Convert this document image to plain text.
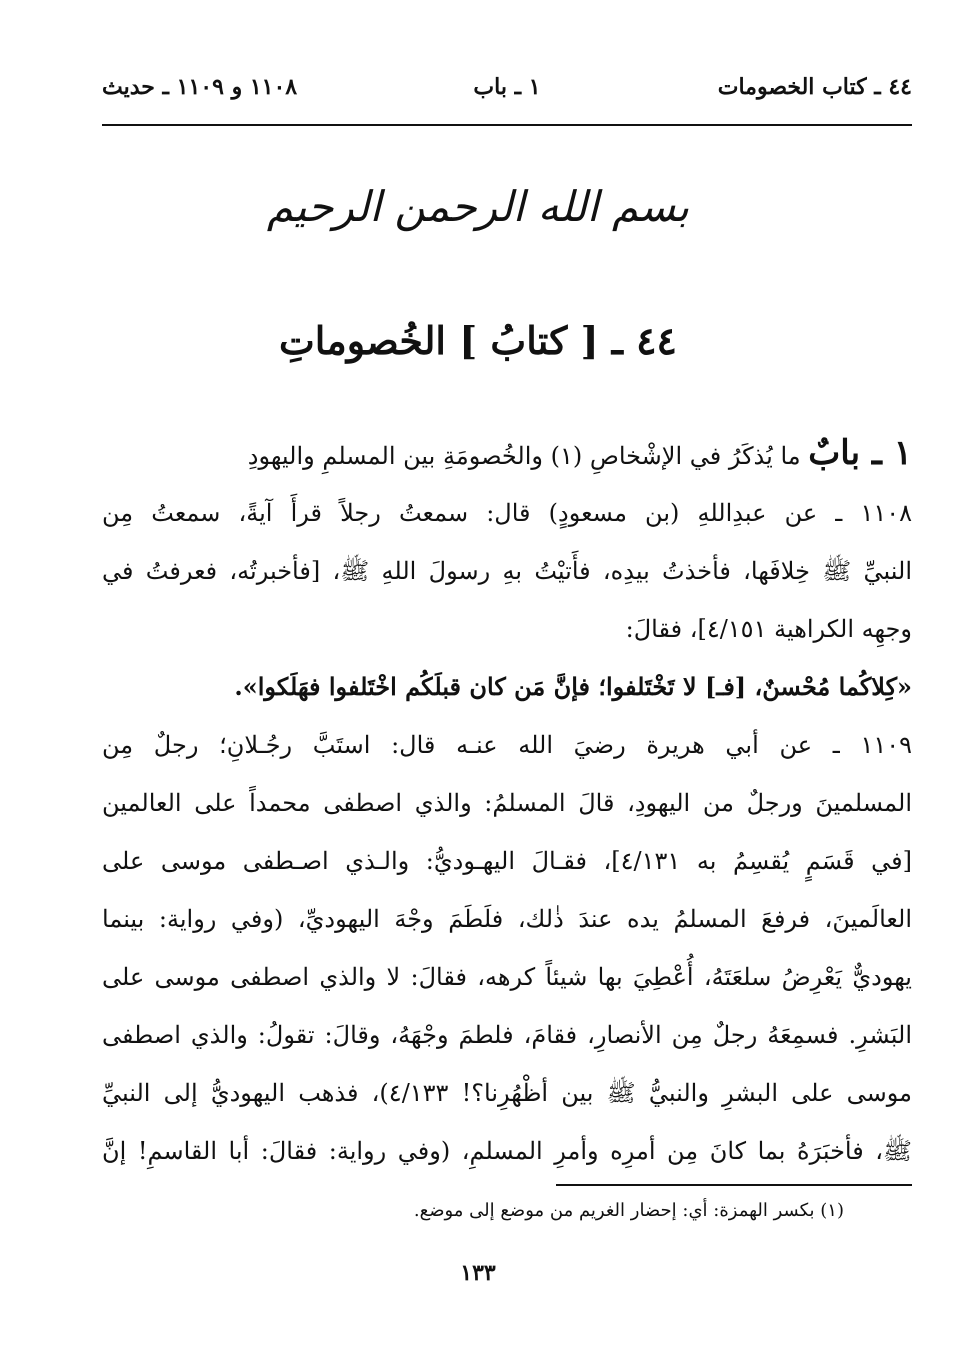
٤٤ ـ كتاب الخصومات
١ ـ باب
١١٠٨ و ١١٠٩ ـ حديث
بسم الله الرحمن الرحيم
٤٤ ـ [ كتابُ ] الخُصوماتِ
١ ـ بابٌ ما يُذكَرُ في الإشْخاصِ (١) والخُصومَةِ بين المسلمِ واليهودِ
١١٠٨ ـ عن عبدِاللهِ (بن مسعودٍ) قال: سمعتُ رجلاً قرأَ آيةً، سمعتُ مِن
النبيِّ ﷺ خِلافَها، فأخذتُ بيدِه، فأَتيْتُ بهِ رسولَ اللهِ ﷺ، [فأخبرتُه، فعرفتُ في
وجهِه الكراهية ٤/١٥١]، فقالَ:
«كِلاكُما مُحْسنٌ، [فـ] لا تَخْتَلفوا؛ فإنَّ مَن كان قبلَكُم اخْتَلفوا فهَلَكوا».
١١٠٩ ـ عن أبي هريرة رضيَ الله عنـه قال: استَبَّ رجُـلانِ؛ رجلٌ مِن
المسلمينَ ورجلٌ من اليهودِ، قالَ المسلمُ: والذي اصطفى محمداً على العالمين
[في قَسَمٍ يُقسِمُ به ٤/١٣١]، فقـالَ اليهـوديُّ: والـذي اصـطفى موسى على
العالَمينَ، فرفعَ المسلمُ يده عندَ ذٰلك، فلَطَمَ وجْهَ اليهوديِّ، (وفي رواية: بينما
يهوديٌّ يَعْرِضُ سلعَتَهُ، أُعْطِيَ بها شيئاً كرهه، فقالَ: لا والذي اصطفى موسى على
البَشرِ. فسمِعَهُ رجلٌ مِن الأنصارِ، فقامَ، فلطمَ وجْهَهُ، وقالَ: تقولُ: والذي اصطفى
موسى على البشرِ والنبيُّ ﷺ بين أظْهُرِنا؟! ٤/١٣٣)، فذهب اليهوديُّ إلى النبيِّ
ﷺ، فأخبَرَهُ بما كانَ مِن أمرِه وأمرِ المسلمِ، (وفي رواية: فقالَ: أبا القاسمِ! إنَّ
(١) بكسر الهمزة: أي: إحضار الغريم من موضع إلى موضع.
١٣٣
